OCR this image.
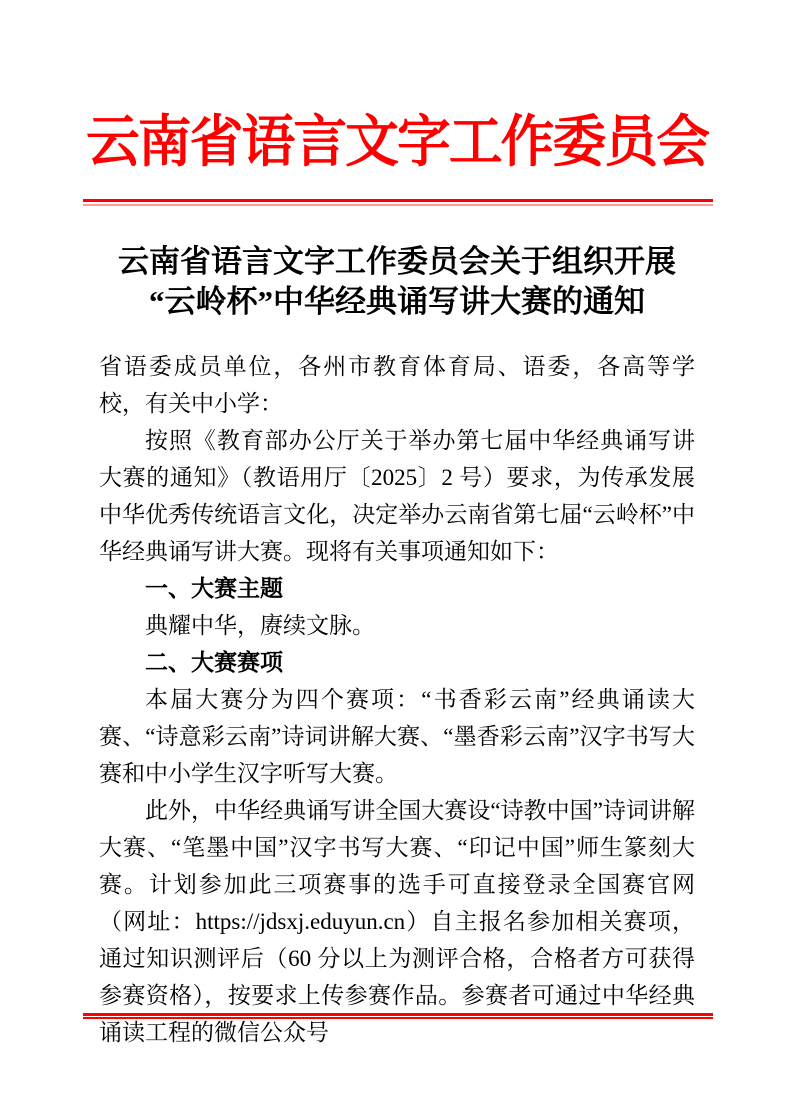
云南省语言文字工作委员会
云南省语言文字工作委员会关于组织开展
“云岭杯”中华经典诵写讲大赛的通知

省语委成员单位，各州市教育体育局、语委，各高等学校，有关中小学：

按照《教育部办公厅关于举办第七届中华经典诵写讲大赛的通知》（教语用厅〔2025〕2 号）要求，为传承发展中华优秀传统语言文化，决定举办云南省第七届“云岭杯”中华经典诵写讲大赛。现将有关事项通知如下：

一、大赛主题

典耀中华，赓续文脉。

二、大赛赛项

本届大赛分为四个赛项：“书香彩云南”经典诵读大赛、“诗意彩云南”诗词讲解大赛、“墨香彩云南”汉字书写大赛和中小学生汉字听写大赛。

此外，中华经典诵写讲全国大赛设“诗教中国”诗词讲解大赛、“笔墨中国”汉字书写大赛、“印记中国”师生篆刻大赛。计划参加此三项赛事的选手可直接登录全国赛官网（网址：https://jdsxj.eduyun.cn）自主报名参加相关赛项，通过知识测评后（60 分以上为测评合格，合格者方可获得参赛资格），按要求上传参赛作品。参赛者可通过中华经典诵读工程的微信公众号
